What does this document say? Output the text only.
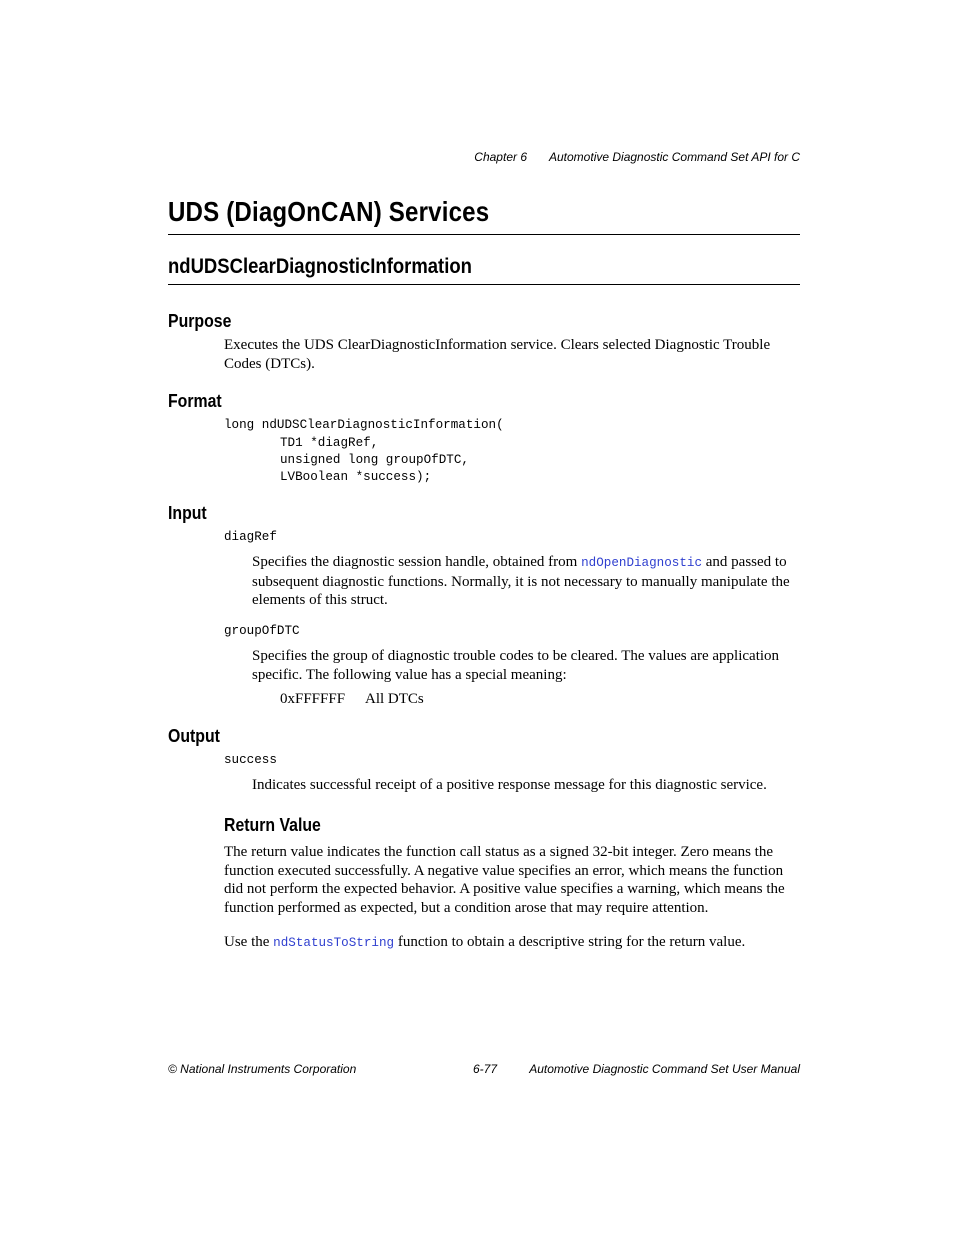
Chapter 6 Automotive Diagnostic Command Set API for C
UDS (DiagOnCAN) Services
ndUDSClearDiagnosticInformation
Purpose
Executes the UDS ClearDiagnosticInformation service. Clears selected Diagnostic Trouble Codes (DTCs).
Format
long ndUDSClearDiagnosticInformation(
TD1 *diagRef,
unsigned long groupOfDTC,
LVBoolean *success);
Input
diagRef
Specifies the diagnostic session handle, obtained from ndOpenDiagnostic and passed to subsequent diagnostic functions. Normally, it is not necessary to manually manipulate the elements of this struct.
groupOfDTC
Specifies the group of diagnostic trouble codes to be cleared. The values are application specific. The following value has a special meaning:
0xFFFFFF All DTCs
Output
success
Indicates successful receipt of a positive response message for this diagnostic service.
Return Value
The return value indicates the function call status as a signed 32-bit integer. Zero means the function executed successfully. A negative value specifies an error, which means the function did not perform the expected behavior. A positive value specifies a warning, which means the function performed as expected, but a condition arose that may require attention.
Use the ndStatusToString function to obtain a descriptive string for the return value.
© National Instruments Corporation	6-77	Automotive Diagnostic Command Set User Manual
